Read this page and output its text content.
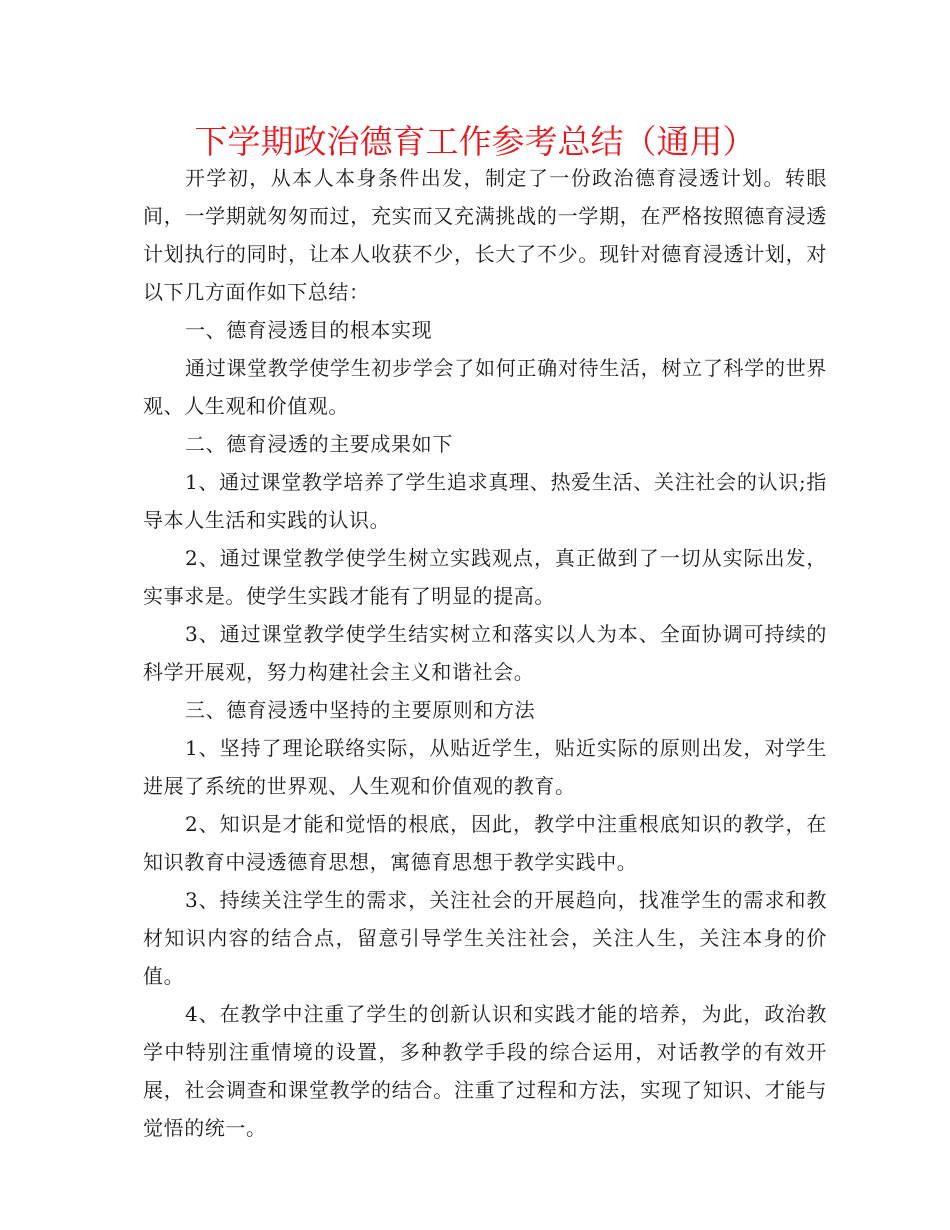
下学期政治德育工作参考总结（通用）

开学初，从本人本身条件出发，制定了一份政治德育浸透计划。转眼间，一学期就匆匆而过，充实而又充满挑战的一学期，在严格按照德育浸透计划执行的同时，让本人收获不少，长大了不少。现针对德育浸透计划，对以下几方面作如下总结：

一、德育浸透目的根本实现

通过课堂教学使学生初步学会了如何正确对待生活，树立了科学的世界观、人生观和价值观。

二、德育浸透的主要成果如下

1、通过课堂教学培养了学生追求真理、热爱生活、关注社会的认识;指导本人生活和实践的认识。

2、通过课堂教学使学生树立实践观点，真正做到了一切从实际出发，实事求是。使学生实践才能有了明显的提高。

3、通过课堂教学使学生结实树立和落实以人为本、全面协调可持续的科学开展观，努力构建社会主义和谐社会。

三、德育浸透中坚持的主要原则和方法

1、坚持了理论联络实际，从贴近学生，贴近实际的原则出发，对学生进展了系统的世界观、人生观和价值观的教育。

2、知识是才能和觉悟的根底，因此，教学中注重根底知识的教学，在知识教育中浸透德育思想，寓德育思想于教学实践中。

3、持续关注学生的需求，关注社会的开展趋向，找准学生的需求和教材知识内容的结合点，留意引导学生关注社会，关注人生，关注本身的价值。

4、在教学中注重了学生的创新认识和实践才能的培养，为此，政治教学中特别注重情境的设置，多种教学手段的综合运用，对话教学的有效开展，社会调查和课堂教学的结合。注重了过程和方法，实现了知识、才能与觉悟的统一。
